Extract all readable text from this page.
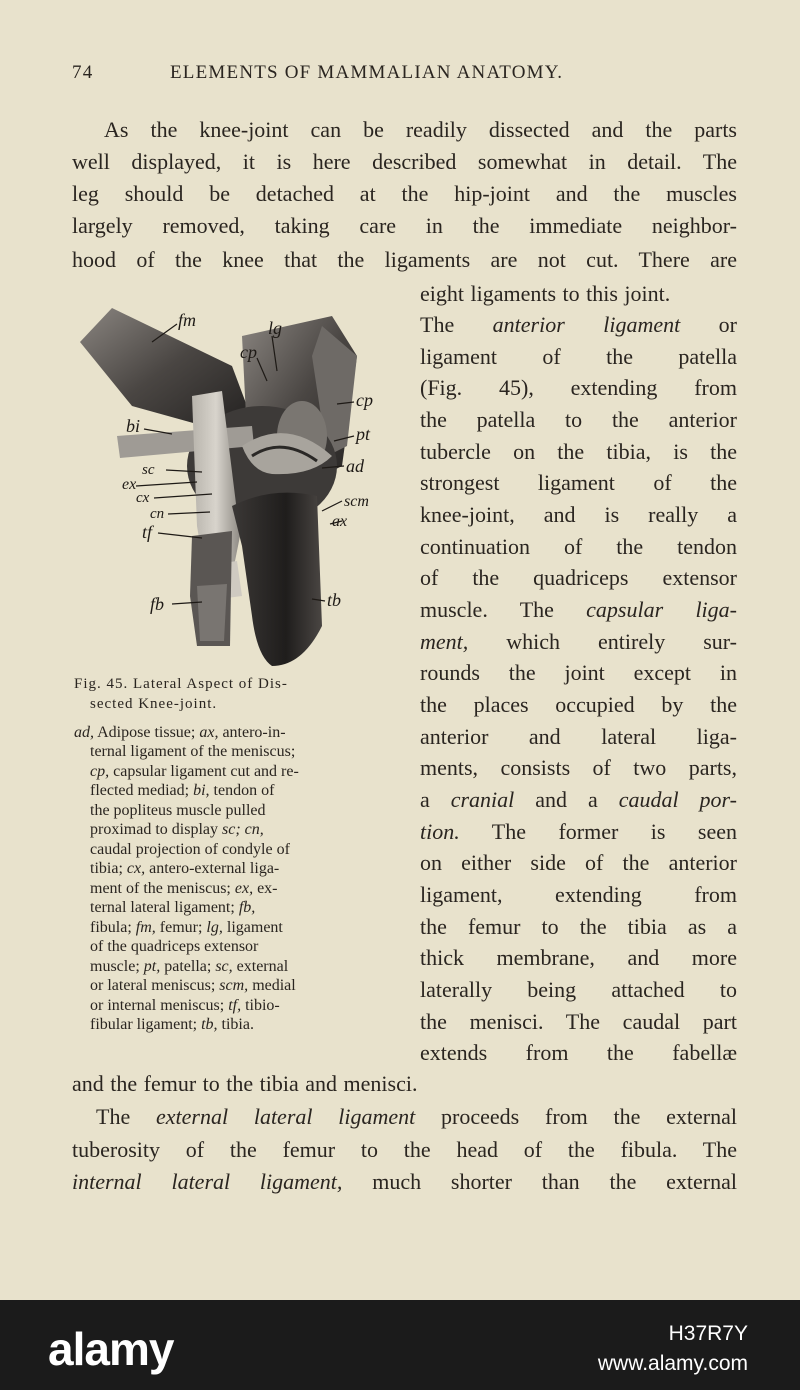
74	ELEMENTS OF MAMMALIAN ANATOMY.
As the knee-joint can be readily dissected and the parts
well displayed, it is here described somewhat in detail. The
leg should be detached at the hip-joint and the muscles
largely removed, taking care in the immediate neighbor-
hood of the knee that the ligaments are not cut. There are
eight ligaments to this joint.
The anterior ligament or
ligament of the patella
(Fig. 45), extending from
the patella to the anterior
tubercle on the tibia, is the
strongest ligament of the
knee-joint, and is really a
continuation of the tendon
of the quadriceps extensor
muscle. The capsular liga-
ment, which entirely sur-
rounds the joint except in
the places occupied by the
anterior and lateral liga-
ments, consists of two parts,
a cranial and a caudal por-
tion. The former is seen
on either side of the anterior
ligament, extending from
the femur to the tibia as a
thick membrane, and more
laterally being attached to
the menisci. The caudal part
extends from the fabellæ
and the femur to the tibia and menisci.
The external lateral ligament proceeds from the external
tuberosity of the femur to the head of the fibula. The
internal lateral ligament, much shorter than the external
fm	lg
cp
cp
bi	pt
sc	ad
ex
cx	scm
cn	ax
tf
fb	tb
Fig. 45. Lateral Aspect of Dis-
sected Knee-joint.
ad, Adipose tissue; ax, antero-in-
ternal ligament of the meniscus;
cp, capsular ligament cut and re-
flected mediad; bi, tendon of
the popliteus muscle pulled
proximad to display sc; cn,
caudal projection of condyle of
tibia; cx, antero-external liga-
ment of the meniscus; ex, ex-
ternal lateral ligament; fb,
fibula; fm, femur; lg, ligament
of the quadriceps extensor
muscle; pt, patella; sc, external
or lateral meniscus; scm, medial
or internal meniscus; tf, tibio-
fibular ligament; tb, tibia.
alamy	H37R7Y
www.alamy.com
